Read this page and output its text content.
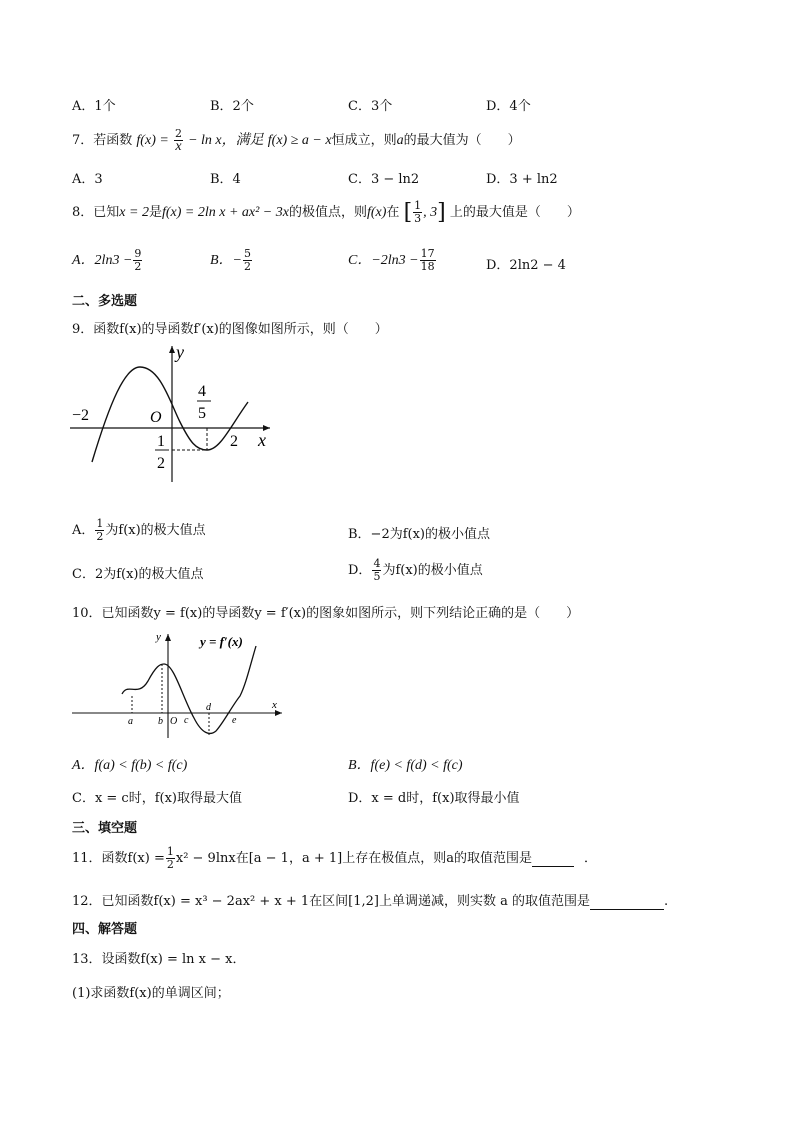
A．1个	B．2个	C．3个	D．4个
7．若函数 $f(x) = \frac{2}{x} - \ln x$，满足 f(x) ≥ a − x恒成立，则a的最大值为（　　）
A．3	B．4	C．3 − ln2	D．3 + ln2
8．已知x = 2是f(x) = 2ln x + ax² − 3x的极值点，则f(x)在 [ $\frac{1}{3}$ , 3] 上的最大值是（　　）
A．$2\ln 3 - \frac{9}{2}$	B．− $\frac{5}{2}$	C．$-2\ln 3 - \frac{17}{18}$	D．2ln2 − 4
二、多选题
9．函数f(x)的导函数f′(x)的图像如图所示，则（　　）
y
x
O
−2
2
4
5
1
2
A． $\frac{1}{2}$ 为f(x)的极大值点	B．−2为f(x)的极小值点
C．2为f(x)的极大值点	D． $\frac{4}{5}$ 为f(x)的极小值点
10．已知函数y = f(x)的导函数y = f′(x)的图象如图所示，则下列结论正确的是（　　）
y = f′(x)
y
x
a	b O c
d
e
A．f(a) < f(b) < f(c)	B．f(e) < f(d) < f(c)
C．x = c时，f(x)取得最大值	D．x = d时，f(x)取得最小值
三、填空题
11．函数$f(x) = \frac{1}{2} x^2 - 9\ln x$在[a − 1，a + 1]上存在极值点，则a的取值范围是	．
12．已知函数f(x) = x³ − 2ax² + x + 1在区间[1,2]上单调递减，则实数 a 的取值范围是	.
四、解答题
13．设函数f(x) = ln x − x．
(1)求函数f(x)的单调区间；
